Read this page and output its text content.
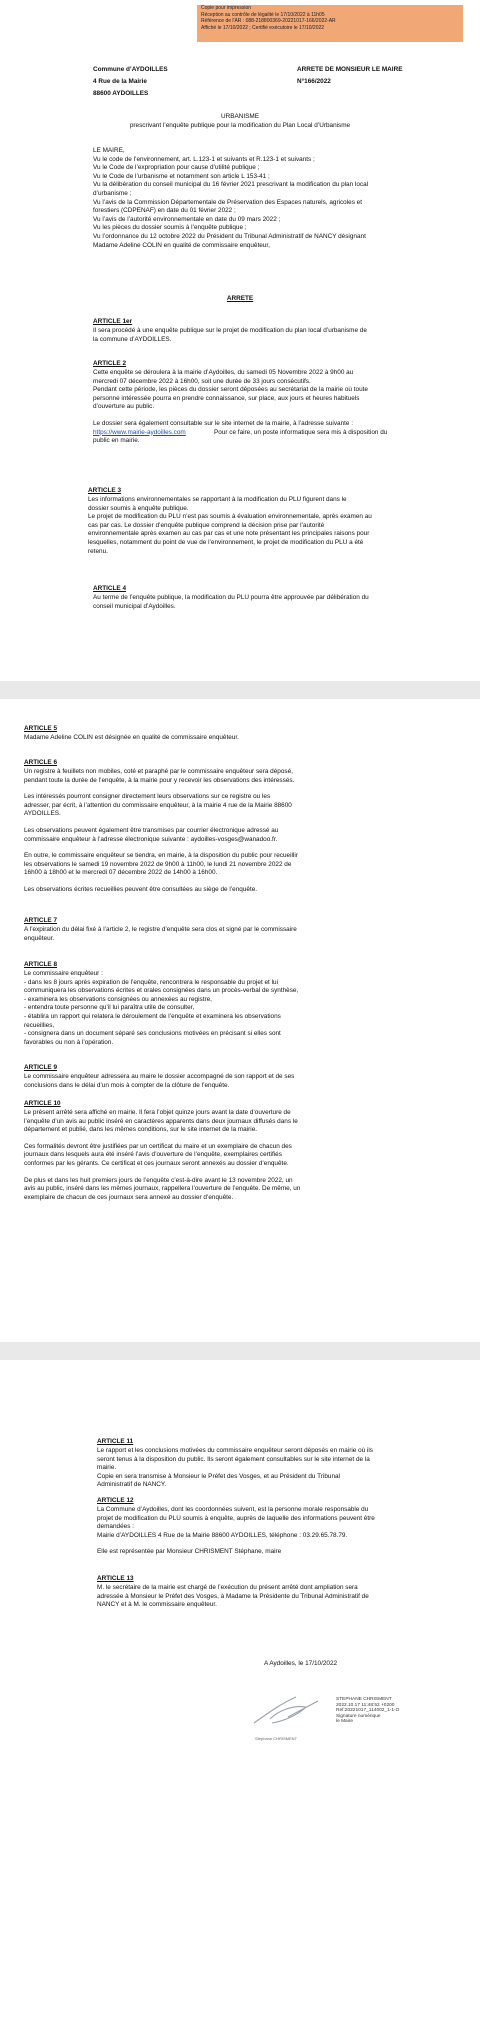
Copie pour impression
Réception au contrôle de légalité le 17/10/2022 à 11h05
Référence de l'AR : 088-218800369-20221017-166/2022-AR
Affiché le 17/10/2022 ; Certifié exécutoire le 17/10/2022
Commune d’AYDOILLES
4 Rue de la Mairie
88600 AYDOILLES
ARRETE DE MONSIEUR LE MAIRE
N°166/2022
URBANISME
prescrivant l’enquête publique pour la modification du Plan Local d’Urbanisme
LE MAIRE,
Vu le code de l’environnement, art. L.123-1 et suivants et R.123-1 et suivants ;
Vu le Code de l’expropriation pour cause d’utilité publique ;
Vu le Code de l’urbanisme et notamment son article L 153-41 ;
Vu la délibération du conseil municipal du 16 février 2021 prescrivant la modification du plan local
d’urbanisme ;
Vu l’avis de la Commission Départementale de Préservation des Espaces naturels, agricoles et
forestiers (CDPENAF) en date du 01 février 2022 ;
Vu l’avis de l’autorité environnementale en date du 09 mars 2022 ;
Vu les pièces du dossier soumis à l’enquête publique ;
Vu l’ordonnance du 12 octobre 2022 du Président du Tribunal Administratif de NANCY désignant
Madame Adeline COLIN en qualité de commissaire enquêteur,
ARRETE
ARTICLE 1er
Il sera procédé à une enquête publique sur le projet de modification du plan local d’urbanisme de
la commune d’AYDOILLES.
ARTICLE 2
Cette enquête se déroulera à la mairie d’Aydoilles, du samedi 05 Novembre 2022 à 9h00 au
mercredi 07 décembre 2022 à 16h00, soit une durée de 33 jours consécutifs.
Pendant cette période, les pièces du dossier seront déposées au secrétariat de la mairie où toute
personne intéressée pourra en prendre connaissance, sur place, aux jours et heures habituels
d’ouverture au public.
Le dossier sera également consultable sur le site internet de la mairie, à l’adresse suivante :
Pour ce faire, un poste informatique sera mis à disposition du
public en mairie.
https://www.mairie-aydoilles.com
ARTICLE 3
Les informations environnementales se rapportant à la modification du PLU figurent dans le
dossier soumis à enquête publique.
Le projet de modification du PLU n’est pas soumis à évaluation environnementale, après examen au
cas par cas. Le dossier d’enquête publique comprend la décision prise par l’autorité
environnementale après examen au cas par cas et une note présentant les principales raisons pour
lesquelles, notamment du point de vue de l’environnement, le projet de modification du PLU a été
retenu.
ARTICLE 4
Au terme de l’enquête publique, la modification du PLU pourra être approuvée par délibération du
conseil municipal d’Aydoilles.
ARTICLE 5
Madame Adeline COLIN est désignée en qualité de commissaire enquêteur.
ARTICLE 6
Un registre à feuillets non mobiles, coté et paraphé par le commissaire enquêteur sera déposé,
pendant toute la durée de l’enquête, à la mairie pour y recevoir les observations des intéressés.
Les intéressés pourront consigner directement leurs observations sur ce registre ou les
adresser, par écrit, à l’attention du commissaire enquêteur, à la mairie 4 rue de la Mairie 88600
AYDOILLES.
Les observations peuvent également être transmises par courrier électronique adressé au
commissaire enquêteur à l’adresse électronique suivante : aydoilles-vosges@wanadoo.fr.
En outre, le commissaire enquêteur se tiendra, en mairie, à la disposition du public pour recueillir
les observations le samedi 19 novembre 2022 de 9h00 à 11h00, le lundi 21 novembre 2022 de
16h00 à 18h00 et le mercredi 07 décembre 2022 de 14h00 à 16h00.
Les observations écrites recueillies peuvent être consultées au siège de l’enquête.
ARTICLE 7
A l’expiration du délai fixé à l’article 2, le registre d’enquête sera clos et signé par le commissaire
enquêteur.
ARTICLE 8
Le commissaire enquêteur :
- dans les 8 jours après expiration de l’enquête, rencontrera le responsable du projet et lui
communiquera les observations écrites et orales consignées dans un procès-verbal de synthèse,
- examinera les observations consignées ou annexées au registre,
- entendra toute personne qu’il lui paraîtra utile de consulter,
- établira un rapport qui relatera le déroulement de l’enquête et examinera les observations
recueillies,
- consignera dans un document séparé ses conclusions motivées en précisant si elles sont
favorables ou non à l’opération.
ARTICLE 9
Le commissaire enquêteur adressera au maire le dossier accompagné de son rapport et de ses
conclusions dans le délai d’un mois à compter de la clôture de l’enquête.
ARTICLE 10
Le présent arrêté sera affiché en mairie. Il fera l’objet quinze jours avant la date d’ouverture de
l’enquête d’un avis au public inséré en caractères apparents dans deux journaux diffusés dans le
département et publié, dans les mêmes conditions, sur le site internet de la mairie.
Ces formalités devront être justifiées par un certificat du maire et un exemplaire de chacun des
journaux dans lesquels aura été inséré l’avis d’ouverture de l’enquête, exemplaires certifiés
conformes par les gérants. Ce certificat et ces journaux seront annexés au dossier d’enquête.
De plus et dans les huit premiers jours de l’enquête c’est-à-dire avant le 13 novembre 2022, un
avis au public, inséré dans les mêmes journaux, rappellera l’ouverture de l’enquête. De même, un
exemplaire de chacun de ces journaux sera annexé au dossier d’enquête.
ARTICLE 11
Le rapport et les conclusions motivées du commissaire enquêteur seront déposés en mairie où ils
seront tenus à la disposition du public. Ils seront également consultables sur le site internet de la
mairie.
Copie en sera transmise à Monsieur le Préfet des Vosges, et au Président du Tribunal
Administratif de NANCY.
ARTICLE 12
La Commune d’Aydoilles, dont les coordonnées suivent, est la personne morale responsable du
projet de modification du PLU soumis à enquête, auprès de laquelle des informations peuvent être
demandées :
Mairie d’AYDOILLES 4 Rue de la Mairie 88600 AYDOILLES, téléphone : 03.29.65.78.79.
Elle est représentée par Monsieur CHRISMENT Stéphane, maire
ARTICLE 13
M. le secrétaire de la mairie est chargé de l’exécution du présent arrêté dont ampliation sera
adressée à Monsieur le Préfet des Vosges, à Madame la Présidente du Tribunal Administratif de
NANCY et à M. le commissaire enquêteur.
A Aydoilles, le 17/10/2022
Stéphane CHRISMENT
STEPHANE CHRISMENT
2022.10.17 11:48:52 +0200
Ref:20221017_114002_1-1-O
Signature numérique
le Maire
